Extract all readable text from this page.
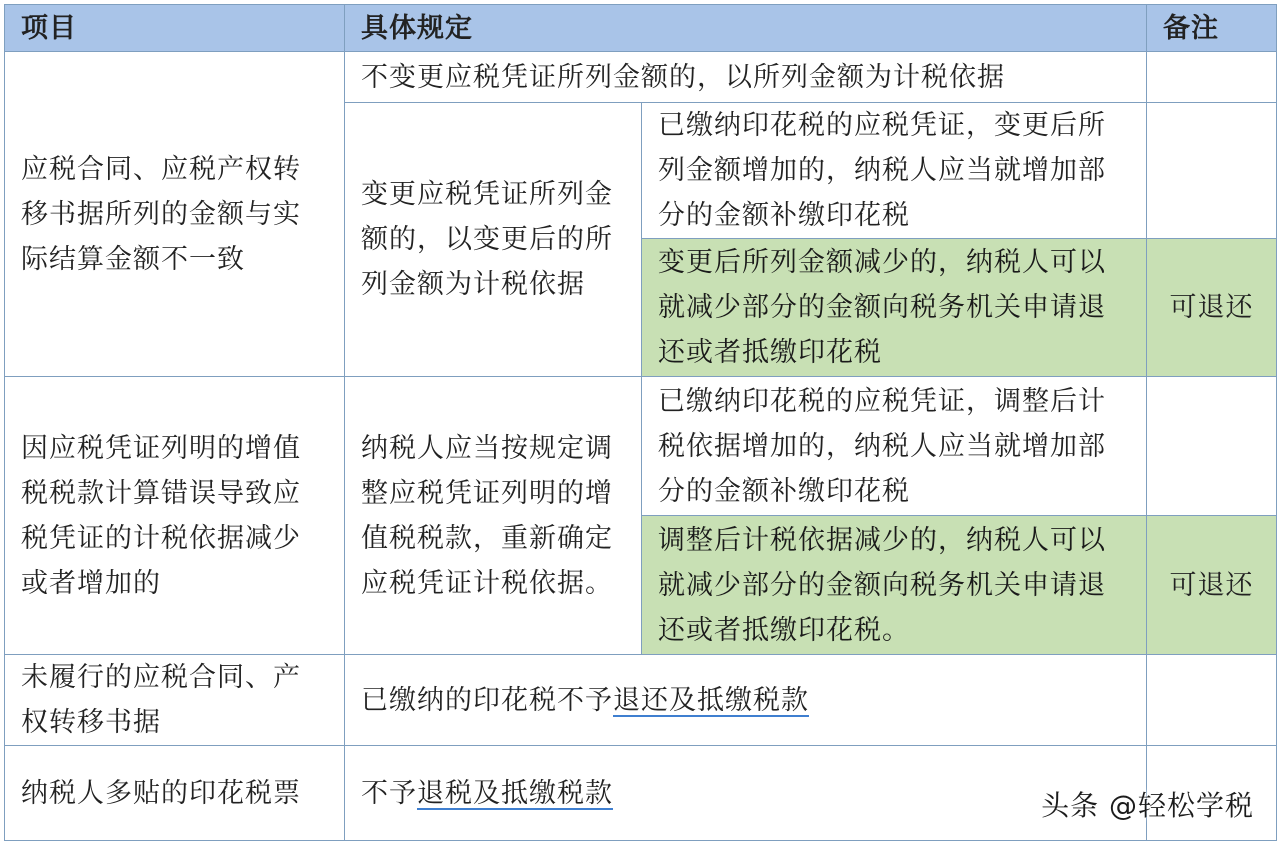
项目	具体规定		备注
应税合同、应税产权转移书据所列的金额与实际结算金额不一致	不变更应税凭证所列金额的，以所列金额为计税依据		
	变更应税凭证所列金额的，以变更后的所列金额为计税依据	已缴纳印花税的应税凭证，变更后所列金额增加的，纳税人应当就增加部分的金额补缴印花税	
		变更后所列金额减少的，纳税人可以就减少部分的金额向税务机关申请退还或者抵缴印花税	可退还
因应税凭证列明的增值税税款计算错误导致应税凭证的计税依据减少或者增加的	纳税人应当按规定调整应税凭证列明的增值税税款，重新确定应税凭证计税依据。	已缴纳印花税的应税凭证，调整后计税依据增加的，纳税人应当就增加部分的金额补缴印花税	
		调整后计税依据减少的，纳税人可以就减少部分的金额向税务机关申请退还或者抵缴印花税。	可退还
未履行的应税合同、产权转移书据	已缴纳的印花税不予退还及抵缴税款		
纳税人多贴的印花税票	不予退税及抵缴税款			头条 @轻松学税
